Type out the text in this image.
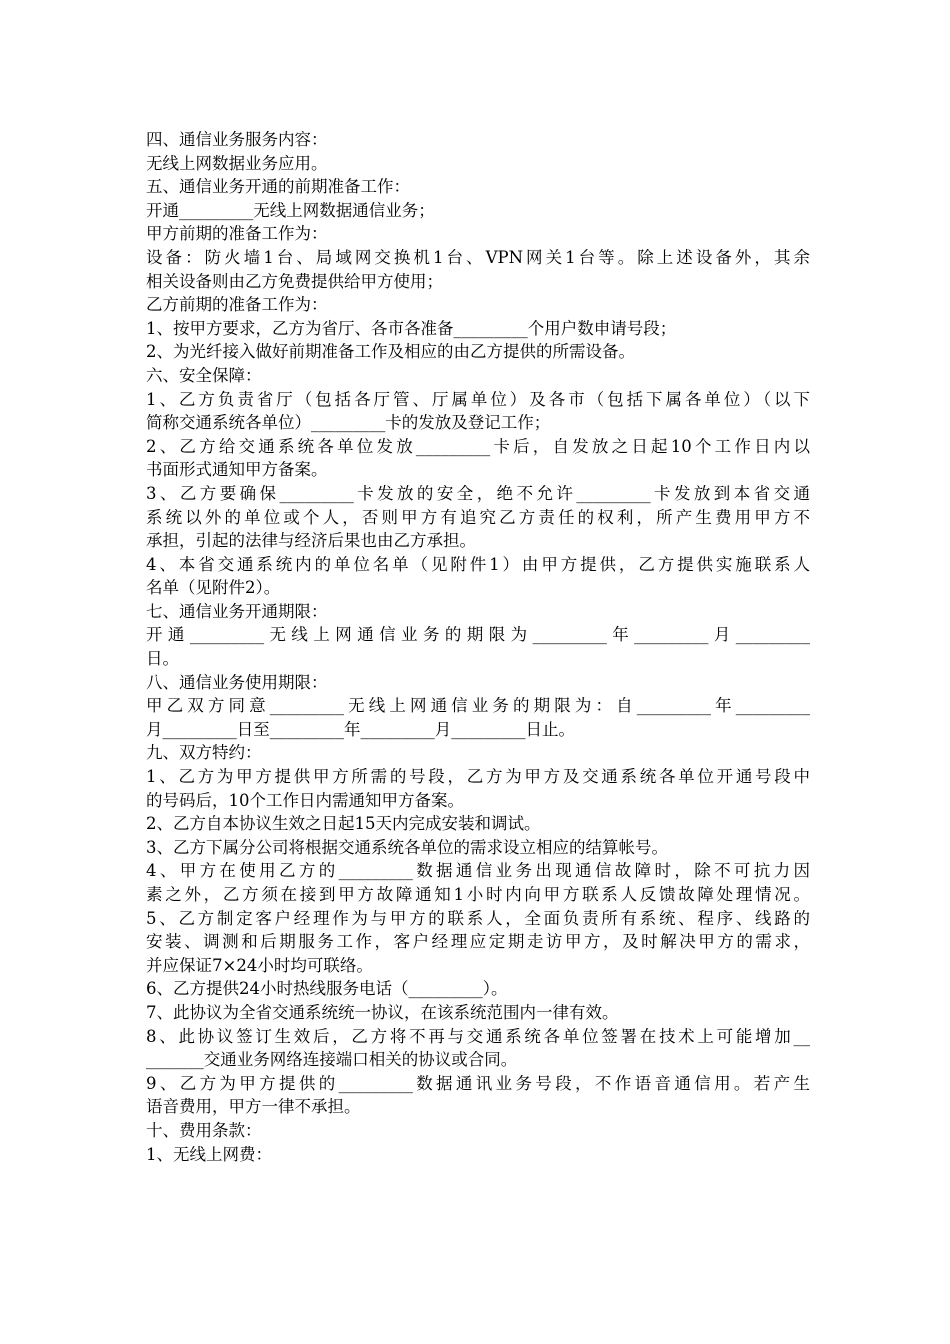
四、通信业务服务内容：
无线上网数据业务应用。
五、通信业务开通的前期准备工作：
开通_________无线上网数据通信业务；
甲方前期的准备工作为：
设备：防火墙1台、局域网交换机1台、VPN网关1台等。除上述设备外，其余
相关设备则由乙方免费提供给甲方使用；
乙方前期的准备工作为：
1、按甲方要求，乙方为省厅、各市各准备_________个用户数申请号段；
2、为光纤接入做好前期准备工作及相应的由乙方提供的所需设备。
六、安全保障：
1、乙方负责省厅（包括各厅管、厅属单位）及各市（包括下属各单位）（以下
简称交通系统各单位）_________卡的发放及登记工作；
2、乙方给交通系统各单位发放_________卡后，自发放之日起10个工作日内以
书面形式通知甲方备案。
3、乙方要确保_________卡发放的安全，绝不允许_________卡发放到本省交通
系统以外的单位或个人，否则甲方有追究乙方责任的权利，所产生费用甲方不
承担，引起的法律与经济后果也由乙方承担。
4、本省交通系统内的单位名单（见附件1）由甲方提供，乙方提供实施联系人
名单（见附件2）。
七、通信业务开通期限：
开通_________无线上网通信业务的期限为_________年_________月_________
日。
八、通信业务使用期限：
甲乙双方同意_________无线上网通信业务的期限为：自_________年_________
月_________日至_________年_________月_________日止。
九、双方特约：
1、乙方为甲方提供甲方所需的号段，乙方为甲方及交通系统各单位开通号段中
的号码后，10个工作日内需通知甲方备案。
2、乙方自本协议生效之日起15天内完成安装和调试。
3、乙方下属分公司将根据交通系统各单位的需求设立相应的结算帐号。
4、甲方在使用乙方的_________数据通信业务出现通信故障时，除不可抗力因
素之外，乙方须在接到甲方故障通知1小时内向甲方联系人反馈故障处理情况。
5、乙方制定客户经理作为与甲方的联系人，全面负责所有系统、程序、线路的
安装、调测和后期服务工作，客户经理应定期走访甲方，及时解决甲方的需求，
并应保证7×24小时均可联络。
6、乙方提供24小时热线服务电话（_________）。
7、此协议为全省交通系统统一协议，在该系统范围内一律有效。
8、此协议签订生效后，乙方将不再与交通系统各单位签署在技术上可能增加__
_______交通业务网络连接端口相关的协议或合同。
9、乙方为甲方提供的_________数据通讯业务号段，不作语音通信用。若产生
语音费用，甲方一律不承担。
十、费用条款：
1、无线上网费：
